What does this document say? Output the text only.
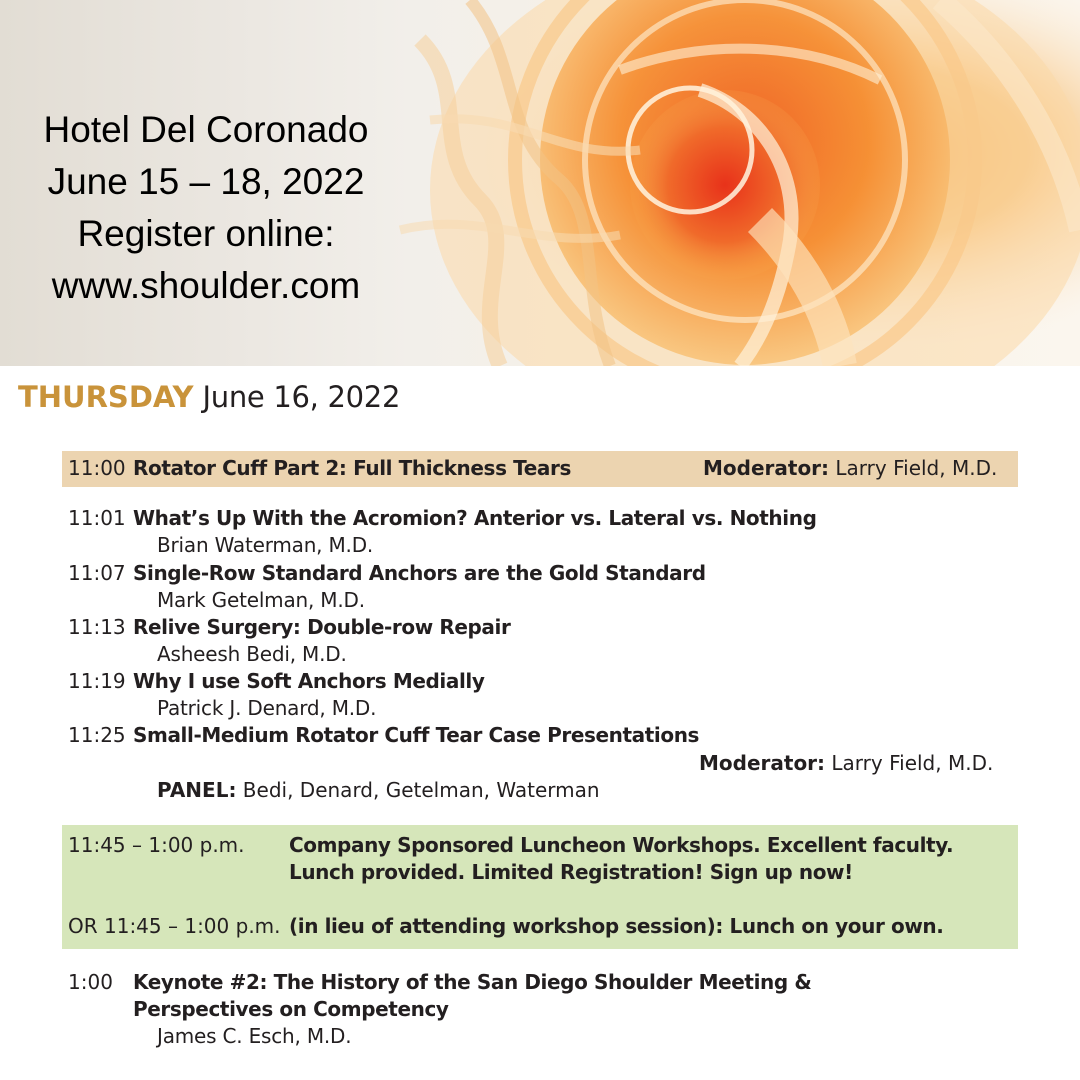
Hotel Del Coronado
June 15 – 18, 2022
Register online:
www.shoulder.com
THURSDAY June 16, 2022
11:00 Rotator Cuff Part 2: Full Thickness Tears	Moderator: Larry Field, M.D.
11:01 What’s Up With the Acromion? Anterior vs. Lateral vs. Nothing
Brian Waterman, M.D.
11:07 Single-Row Standard Anchors are the Gold Standard
Mark Getelman, M.D.
11:13 Relive Surgery: Double-row Repair
Asheesh Bedi, M.D.
11:19 Why I use Soft Anchors Medially
Patrick J. Denard, M.D.
11:25 Small-Medium Rotator Cuff Tear Case Presentations
Moderator: Larry Field, M.D.
PANEL: Bedi, Denard, Getelman, Waterman
11:45 – 1:00 p.m. Company Sponsored Luncheon Workshops. Excellent faculty.
Lunch provided. Limited Registration! Sign up now!
OR 11:45 – 1:00 p.m. (in lieu of attending workshop session): Lunch on your own.
1:00 Keynote #2: The History of the San Diego Shoulder Meeting &
Perspectives on Competency
James C. Esch, M.D.
